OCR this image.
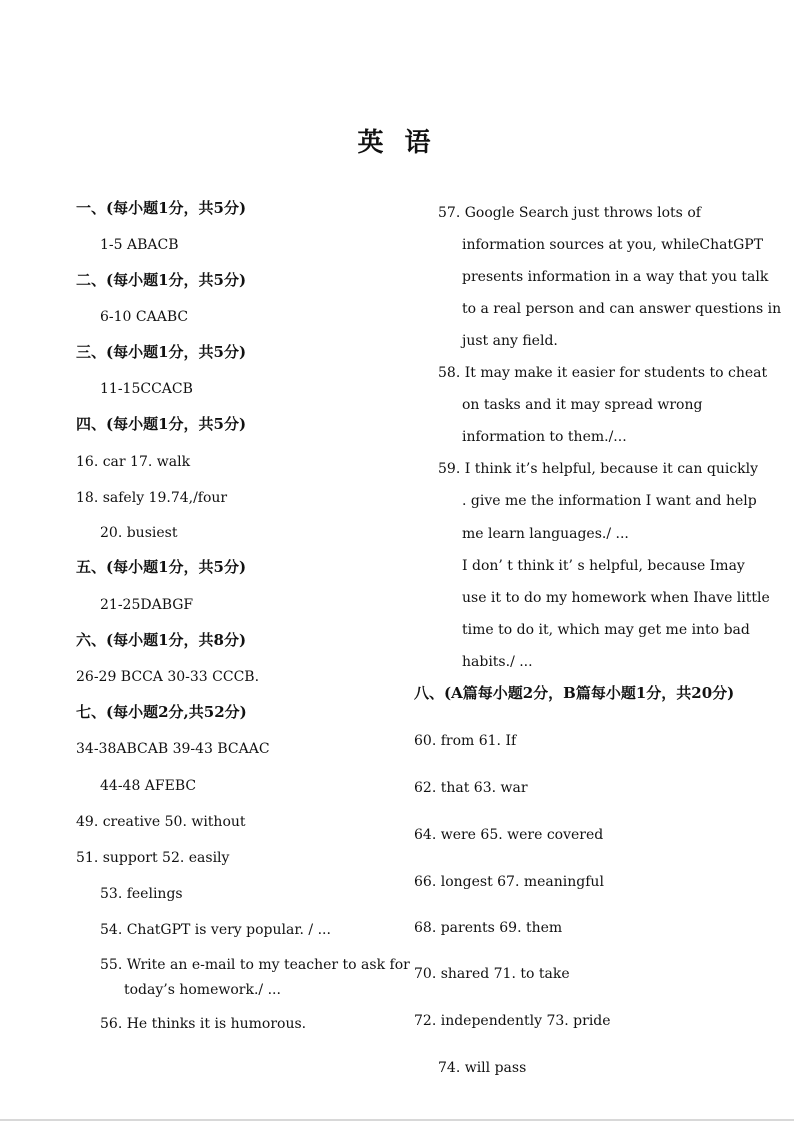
英 语
一、(每小题1分，共5分)
1-5 ABACB
二、(每小题1分，共5分)
6-10 CAABC
三、(每小题1分，共5分)
11-15CCACB
四、(每小题1分，共5分)
16. car 17. walk
18. safely 19.74,/four
20. busiest
五、(每小题1分，共5分)
21-25DABGF
六、(每小题1分，共8分)
26-29 BCCA 30-33 CCCB.
七、(每小题2分,共52分)
34-38ABCAB 39-43 BCAAC
44-48 AFEBC
49. creative 50. without
51. support 52. easily
53. feelings
54. ChatGPT is very popular. / ...
55. Write an e-mail to my teacher to ask for
today’s homework./ ...
56. He thinks it is humorous.
57. Google Search just throws lots of
information sources at you, whileChatGPT
presents information in a way that you talk
to a real person and can answer questions in
just any field.
58. It may make it easier for students to cheat
on tasks and it may spread wrong
information to them./...
59. I think it’s helpful, because it can quickly
. give me the information I want and help
me learn languages./ ...
I don’ t think it’ s helpful, because Imay
use it to do my homework when Ihave little
time to do it, which may get me into bad
habits./ ...
八、(A篇每小题2分，B篇每小题1分，共20分)
60. from 61. If
62. that 63. war
64. were 65. were covered
66. longest 67. meaningful
68. parents 69. them
70. shared 71. to take
72. independently 73. pride
74. will pass
